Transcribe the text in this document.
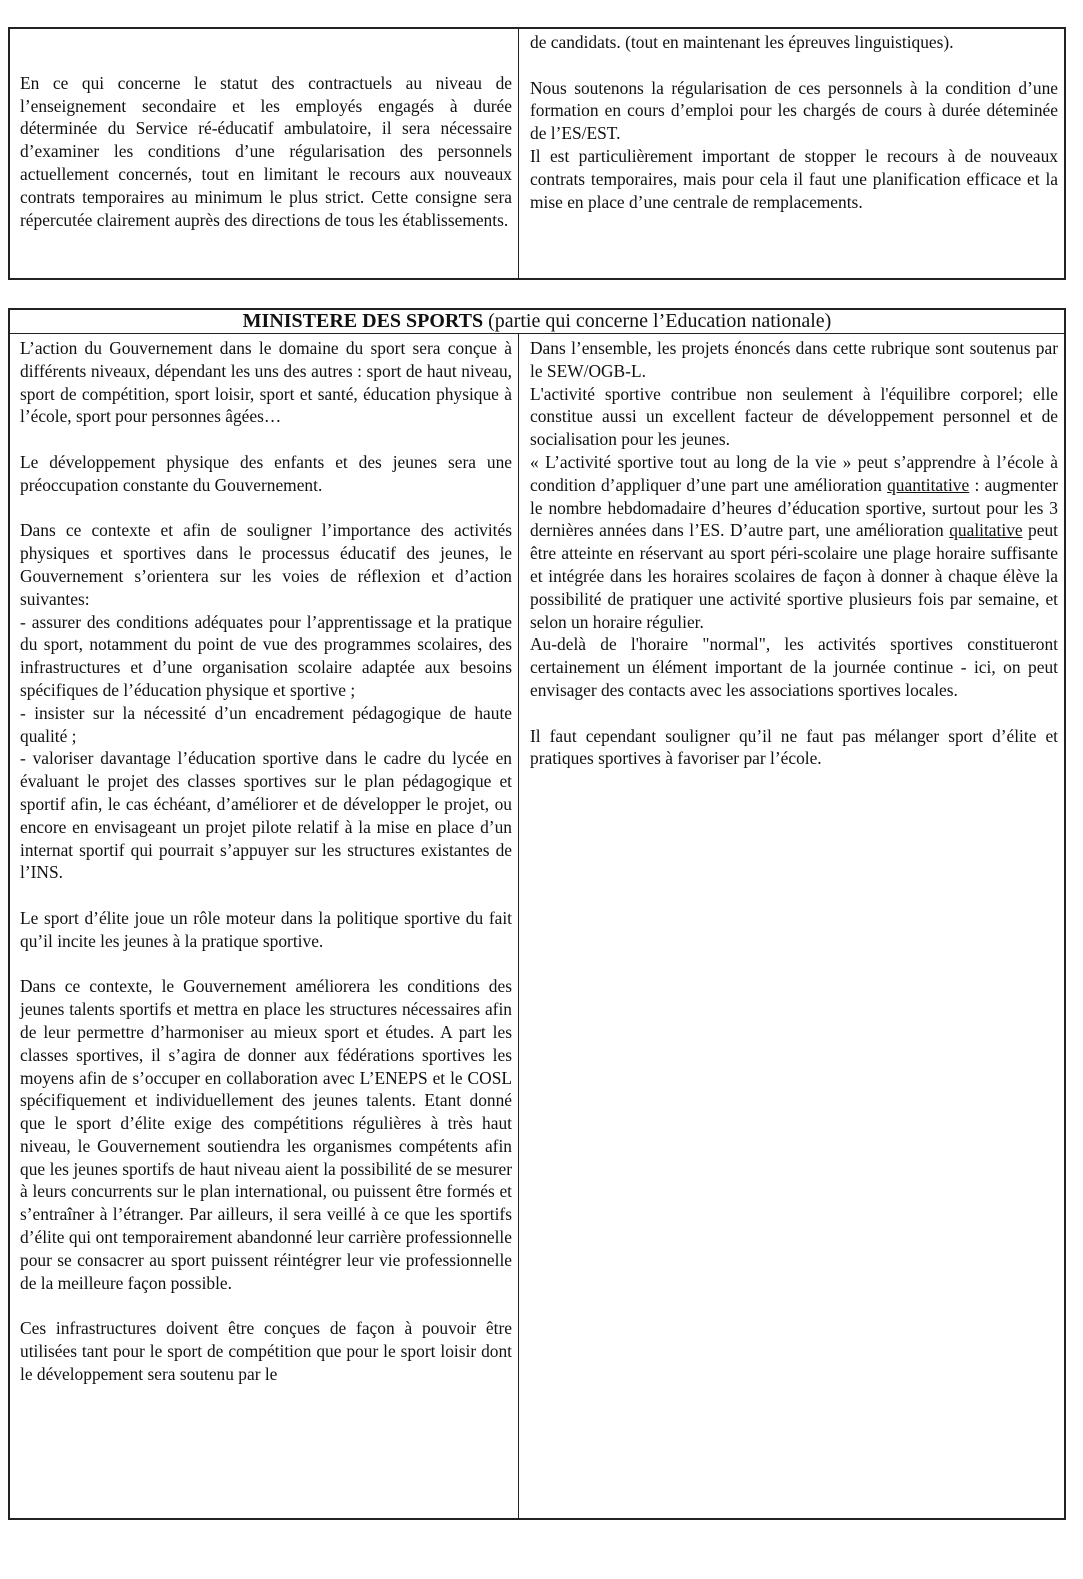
En ce qui concerne le statut des contractuels au niveau de l’enseignement secondaire et les employés engagés à durée déterminée du Service ré-éducatif ambulatoire, il sera nécessaire d’examiner les conditions d’une régularisation des personnels actuellement concernés, tout en limitant le recours aux nouveaux contrats temporaires au minimum le plus strict. Cette consigne sera répercutée clairement auprès des directions de tous les établissements.

de candidats. (tout en maintenant les épreuves linguistiques).

Nous soutenons la régularisation de ces personnels à la condition d’une formation en cours d’emploi pour les chargés de cours à durée déteminée de l’ES/EST.

Il est particulièrement important de stopper le recours à de nouveaux contrats temporaires, mais pour cela il faut une planification efficace et la mise en place d’une centrale de remplacements.

MINISTERE DES SPORTS (partie qui concerne l’Education nationale)

L’action du Gouvernement dans le domaine du sport sera conçue à différents niveaux, dépendant les uns des autres : sport de haut niveau, sport de compétition, sport loisir, sport et santé, éducation physique à l’école, sport pour personnes âgées…

Le développement physique des enfants et des jeunes sera une préoccupation constante du Gouvernement.

Dans ce contexte et afin de souligner l’importance des activités physiques et sportives dans le processus éducatif des jeunes, le Gouvernement s’orientera sur les voies de réflexion et d’action suivantes:

- assurer des conditions adéquates pour l’apprentissage et la pratique du sport, notamment du point de vue des programmes scolaires, des infrastructures et d’une organisation scolaire adaptée aux besoins spécifiques de l’éducation physique et sportive ;

- insister sur la nécessité d’un encadrement pédagogique de haute qualité ;

- valoriser davantage l’éducation sportive dans le cadre du lycée en évaluant le projet des classes sportives sur le plan pédagogique et sportif afin, le cas échéant, d’améliorer et de développer le projet, ou encore en envisageant un projet pilote relatif à la mise en place d’un internat sportif qui pourrait s’appuyer sur les structures existantes de l’INS.

Le sport d’élite joue un rôle moteur dans la politique sportive du fait qu’il incite les jeunes à la pratique sportive.

Dans ce contexte, le Gouvernement améliorera les conditions des jeunes talents sportifs et mettra en place les structures nécessaires afin de leur permettre d’harmoniser au mieux sport et études. A part les classes sportives, il s’agira de donner aux fédérations sportives les moyens afin de s’occuper en collaboration avec L’ENEPS et le COSL spécifiquement et individuellement des jeunes talents. Etant donné que le sport d’élite exige des compétitions régulières à très haut niveau, le Gouvernement soutiendra les organismes compétents afin que les jeunes sportifs de haut niveau aient la possibilité de se mesurer à leurs concurrents sur le plan international, ou puissent être formés et s’entraîner à l’étranger. Par ailleurs, il sera veillé à ce que les sportifs d’élite qui ont temporairement abandonné leur carrière professionnelle pour se consacrer au sport puissent réintégrer leur vie professionnelle de la meilleure façon possible.

Ces infrastructures doivent être conçues de façon à pouvoir être utilisées tant pour le sport de compétition que pour le sport loisir dont le développement sera soutenu par le

Dans l’ensemble, les projets énoncés dans cette rubrique sont soutenus par le SEW/OGB-L.

L'activité sportive contribue non seulement à l'équilibre corporel; elle constitue aussi un excellent facteur de développement personnel et de socialisation pour les jeunes.

« L’activité sportive tout au long de la vie » peut s’apprendre à l’école à condition d’appliquer d’une part une amélioration quantitative : augmenter le nombre hebdomadaire d’heures d’éducation sportive, surtout pour les 3 dernières années dans l’ES. D’autre part, une amélioration qualitative peut être atteinte en réservant au sport péri-scolaire une plage horaire suffisante et intégrée dans les horaires scolaires de façon à donner à chaque élève la possibilité de pratiquer une activité sportive plusieurs fois par semaine, et selon un horaire régulier.

Au-delà de l'horaire "normal", les activités sportives constitueront certainement un élément important de la journée continue - ici, on peut envisager des contacts avec les associations sportives locales.

Il faut cependant souligner qu’il ne faut pas mélanger sport d’élite et pratiques sportives à favoriser par l’école.
